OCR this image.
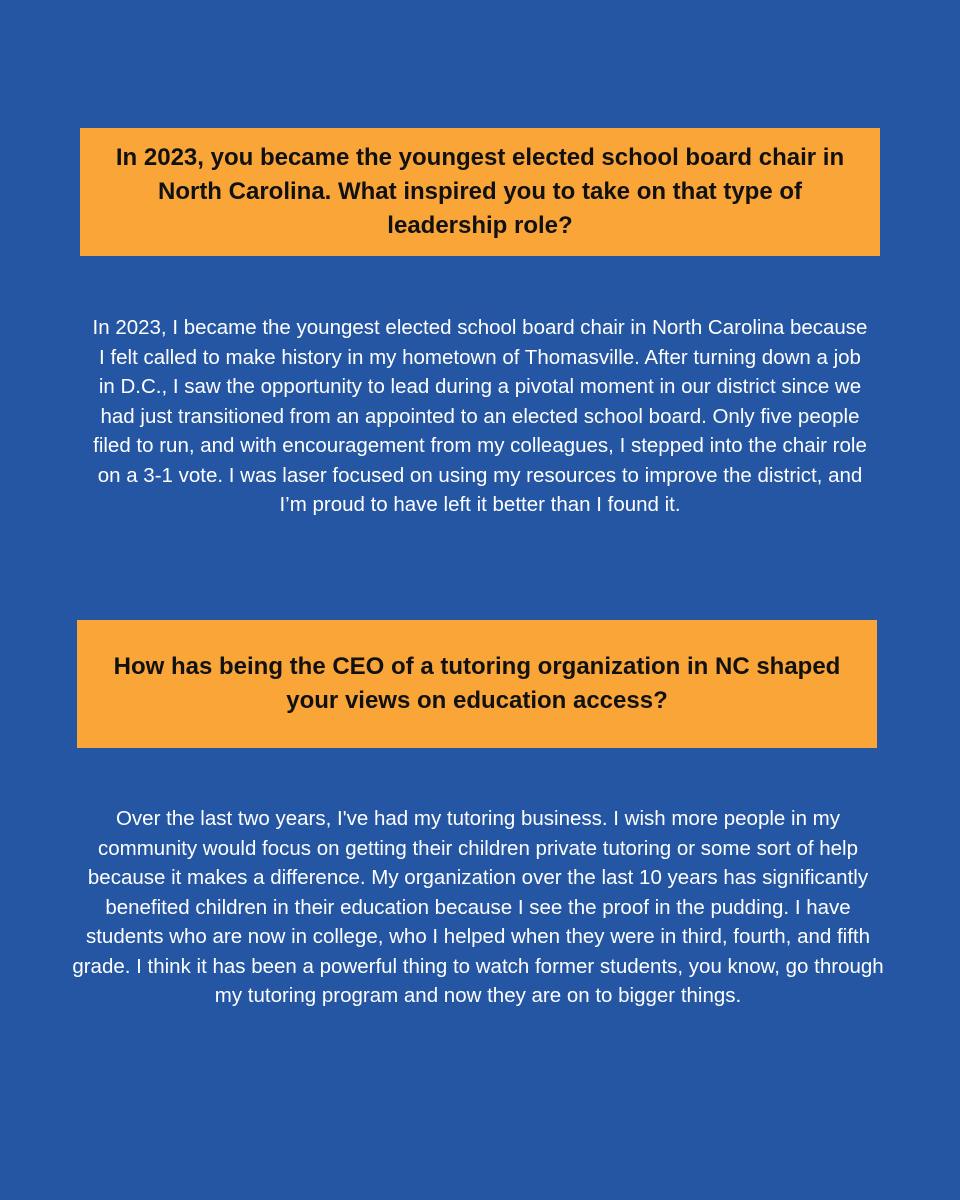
In 2023, you became the youngest elected school board chair in North Carolina. What inspired you to take on that type of leadership role?

In 2023, I became the youngest elected school board chair in North Carolina because I felt called to make history in my hometown of Thomasville. After turning down a job in D.C., I saw the opportunity to lead during a pivotal moment in our district since we had just transitioned from an appointed to an elected school board. Only five people filed to run, and with encouragement from my colleagues, I stepped into the chair role on a 3-1 vote. I was laser focused on using my resources to improve the district, and I’m proud to have left it better than I found it.

How has being the CEO of a tutoring organization in NC shaped your views on education access?

Over the last two years, I've had my tutoring business. I wish more people in my community would focus on getting their children private tutoring or some sort of help because it makes a difference. My organization over the last 10 years has significantly benefited children in their education because I see the proof in the pudding. I have students who are now in college, who I helped when they were in third, fourth, and fifth grade. I think it has been a powerful thing to watch former students, you know, go through my tutoring program and now they are on to bigger things.
